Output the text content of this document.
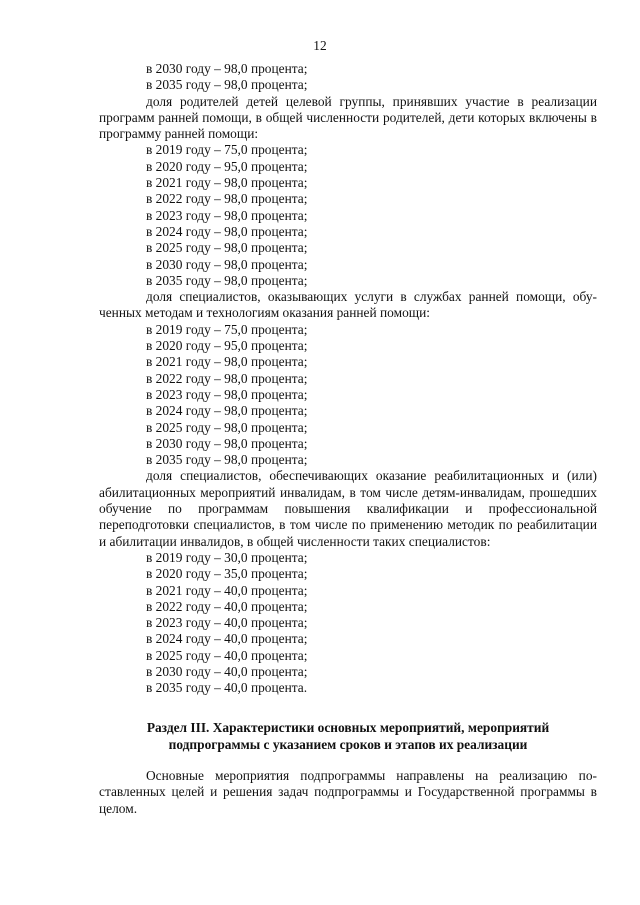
12

в 2030 году – 98,0 процента;

в 2035 году – 98,0 процента;

доля родителей детей целевой группы, принявших участие в реализации программ ранней помощи, в общей численности родителей, дети которых включены в программу ранней помощи:

в 2019 году – 75,0 процента;

в 2020 году – 95,0 процента;

в 2021 году – 98,0 процента;

в 2022 году – 98,0 процента;

в 2023 году – 98,0 процента;

в 2024 году – 98,0 процента;

в 2025 году – 98,0 процента;

в 2030 году – 98,0 процента;

в 2035 году – 98,0 процента;

доля специалистов, оказывающих услуги в службах ранней помощи, обученных методам и технологиям оказания ранней помощи:

в 2019 году – 75,0 процента;

в 2020 году – 95,0 процента;

в 2021 году – 98,0 процента;

в 2022 году – 98,0 процента;

в 2023 году – 98,0 процента;

в 2024 году – 98,0 процента;

в 2025 году – 98,0 процента;

в 2030 году – 98,0 процента;

в 2035 году – 98,0 процента;

доля специалистов, обеспечивающих оказание реабилитационных и (или) абилитационных мероприятий инвалидам, в том числе детям-инвалидам, прошедших обучение по программам повышения квалификации и профессиональной переподготовки специалистов, в том числе по применению методик по реабилитации и абилитации инвалидов, в общей численности таких специалистов:

в 2019 году – 30,0 процента;

в 2020 году – 35,0 процента;

в 2021 году – 40,0 процента;

в 2022 году – 40,0 процента;

в 2023 году – 40,0 процента;

в 2024 году – 40,0 процента;

в 2025 году – 40,0 процента;

в 2030 году – 40,0 процента;

в 2035 году – 40,0 процента.

Раздел III. Характеристики основных мероприятий, мероприятий
подпрограммы с указанием сроков и этапов их реализации

Основные мероприятия подпрограммы направлены на реализацию поставленных целей и решения задач подпрограммы и Государственной программы в целом.
